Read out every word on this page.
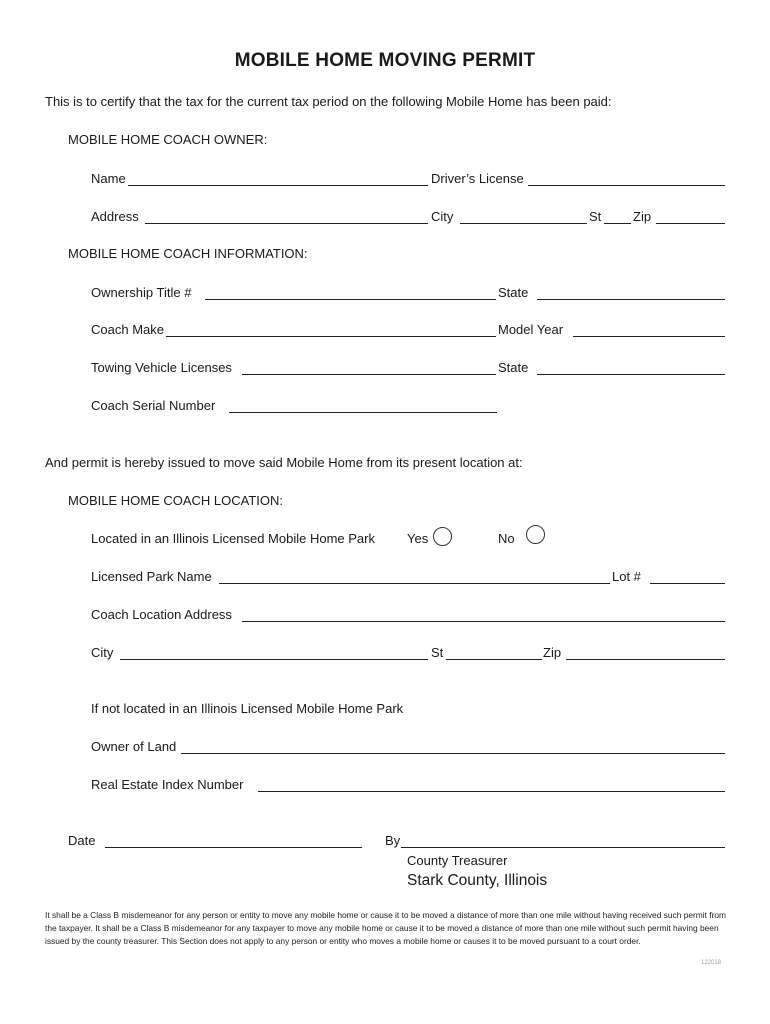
MOBILE HOME MOVING PERMIT
This is to certify that the tax for the current tax period on the following Mobile Home has been paid:
MOBILE HOME COACH OWNER:
Name	Driver’s License
Address	City	St Zip
MOBILE HOME COACH INFORMATION:
Ownership Title #	State
Coach Make	Model Year
Towing Vehicle Licenses	State
Coach Serial Number
And permit is hereby issued to move said Mobile Home from its present location at:
MOBILE HOME COACH LOCATION:
Located in an Illinois Licensed Mobile Home Park Yes	No
Licensed Park Name	Lot #
Coach Location Address
City	St	Zip
If not located in an Illinois Licensed Mobile Home Park
Owner of Land
Real Estate Index Number
Date	By
County Treasurer
Stark County, Illinois
It shall be a Class B misdemeanor for any person or entity to move any mobile home or cause it to be moved a distance of more than one mile without having received such permit from the taxpayer. It shall be a Class B misdemeanor for any taxpayer to move any mobile home or cause it to be moved a distance of more than one mile without such permit having been issued by the county treasurer. This Section does not apply to any person or entity who moves a mobile home or causes it to be moved pursuant to a court order.
122018
